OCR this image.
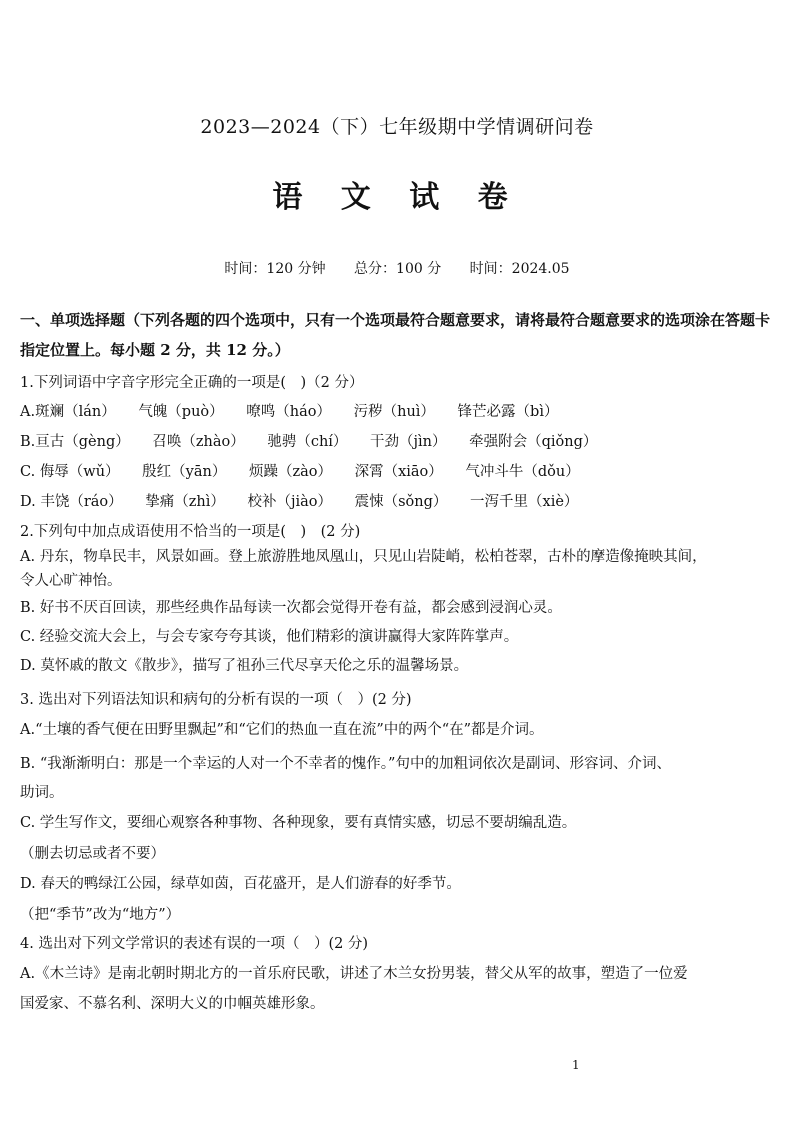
2023—2024（下）七年级期中学情调研问卷
语 文 试 卷
时间：120 分钟 总分：100 分 时间：2024.05
一、单项选择题（下列各题的四个选项中，只有一个选项最符合题意要求，请将最符合题意要求的选项涂在答题卡指定位置上。每小题 2 分，共 12 分。）
1.下列词语中字音字形完全正确的一项是(　)（2 分）
A.斑斓（lán） 气魄（può） 嘹鸣（háo） 污秽（huì） 锋芒必露（bì）
B.亘古（gèng） 召唤（zhào） 驰骋（chí） 干劲（jìn） 牵强附会（qiǒng）
C. 侮辱（wǔ） 殷红（yān） 烦躁（zào） 深霄（xiāo） 气冲斗牛（dǒu）
D. 丰饶（ráo） 挚痛（zhì） 校补（jiào） 震悚（sǒng） 一泻千里（xiè）
2.下列句中加点成语使用不恰当的一项是(　)　(2 分)
A. 丹东，物阜民丰，风景如画。登上旅游胜地凤凰山，只见山岩陡峭，松柏苍翠，古朴的摩造像掩映其间，
令人心旷神怡。
B. 好书不厌百回读，那些经典作品每读一次都会觉得开卷有益，都会感到浸润心灵。
C. 经验交流大会上，与会专家夸夸其谈，他们精彩的演讲赢得大家阵阵掌声。
D. 莫怀戚的散文《散步》，描写了祖孙三代尽享天伦之乐的温馨场景。
3. 选出对下列语法知识和病句的分析有误的一项（　）(2 分)
A.“土壤的香气便在田野里飘起”和“它们的热血一直在流”中的两个“在”都是介词。
B. “我渐渐明白：那是一个幸运的人对一个不幸者的愧作。”句中的加粗词依次是副词、形容词、介词、
助词。
C. 学生写作文，要细心观察各种事物、各种现象，要有真情实感，切忌不要胡编乱造。
（删去切忌或者不要）
D. 春天的鸭绿江公园，绿草如茵，百花盛开，是人们游春的好季节。
（把“季节”改为“地方”）
4. 选出对下列文学常识的表述有误的一项（　）(2 分)
A.《木兰诗》是南北朝时期北方的一首乐府民歌，讲述了木兰女扮男装，替父从军的故事，塑造了一位爱
国爱家、不慕名利、深明大义的巾帼英雄形象。
1
